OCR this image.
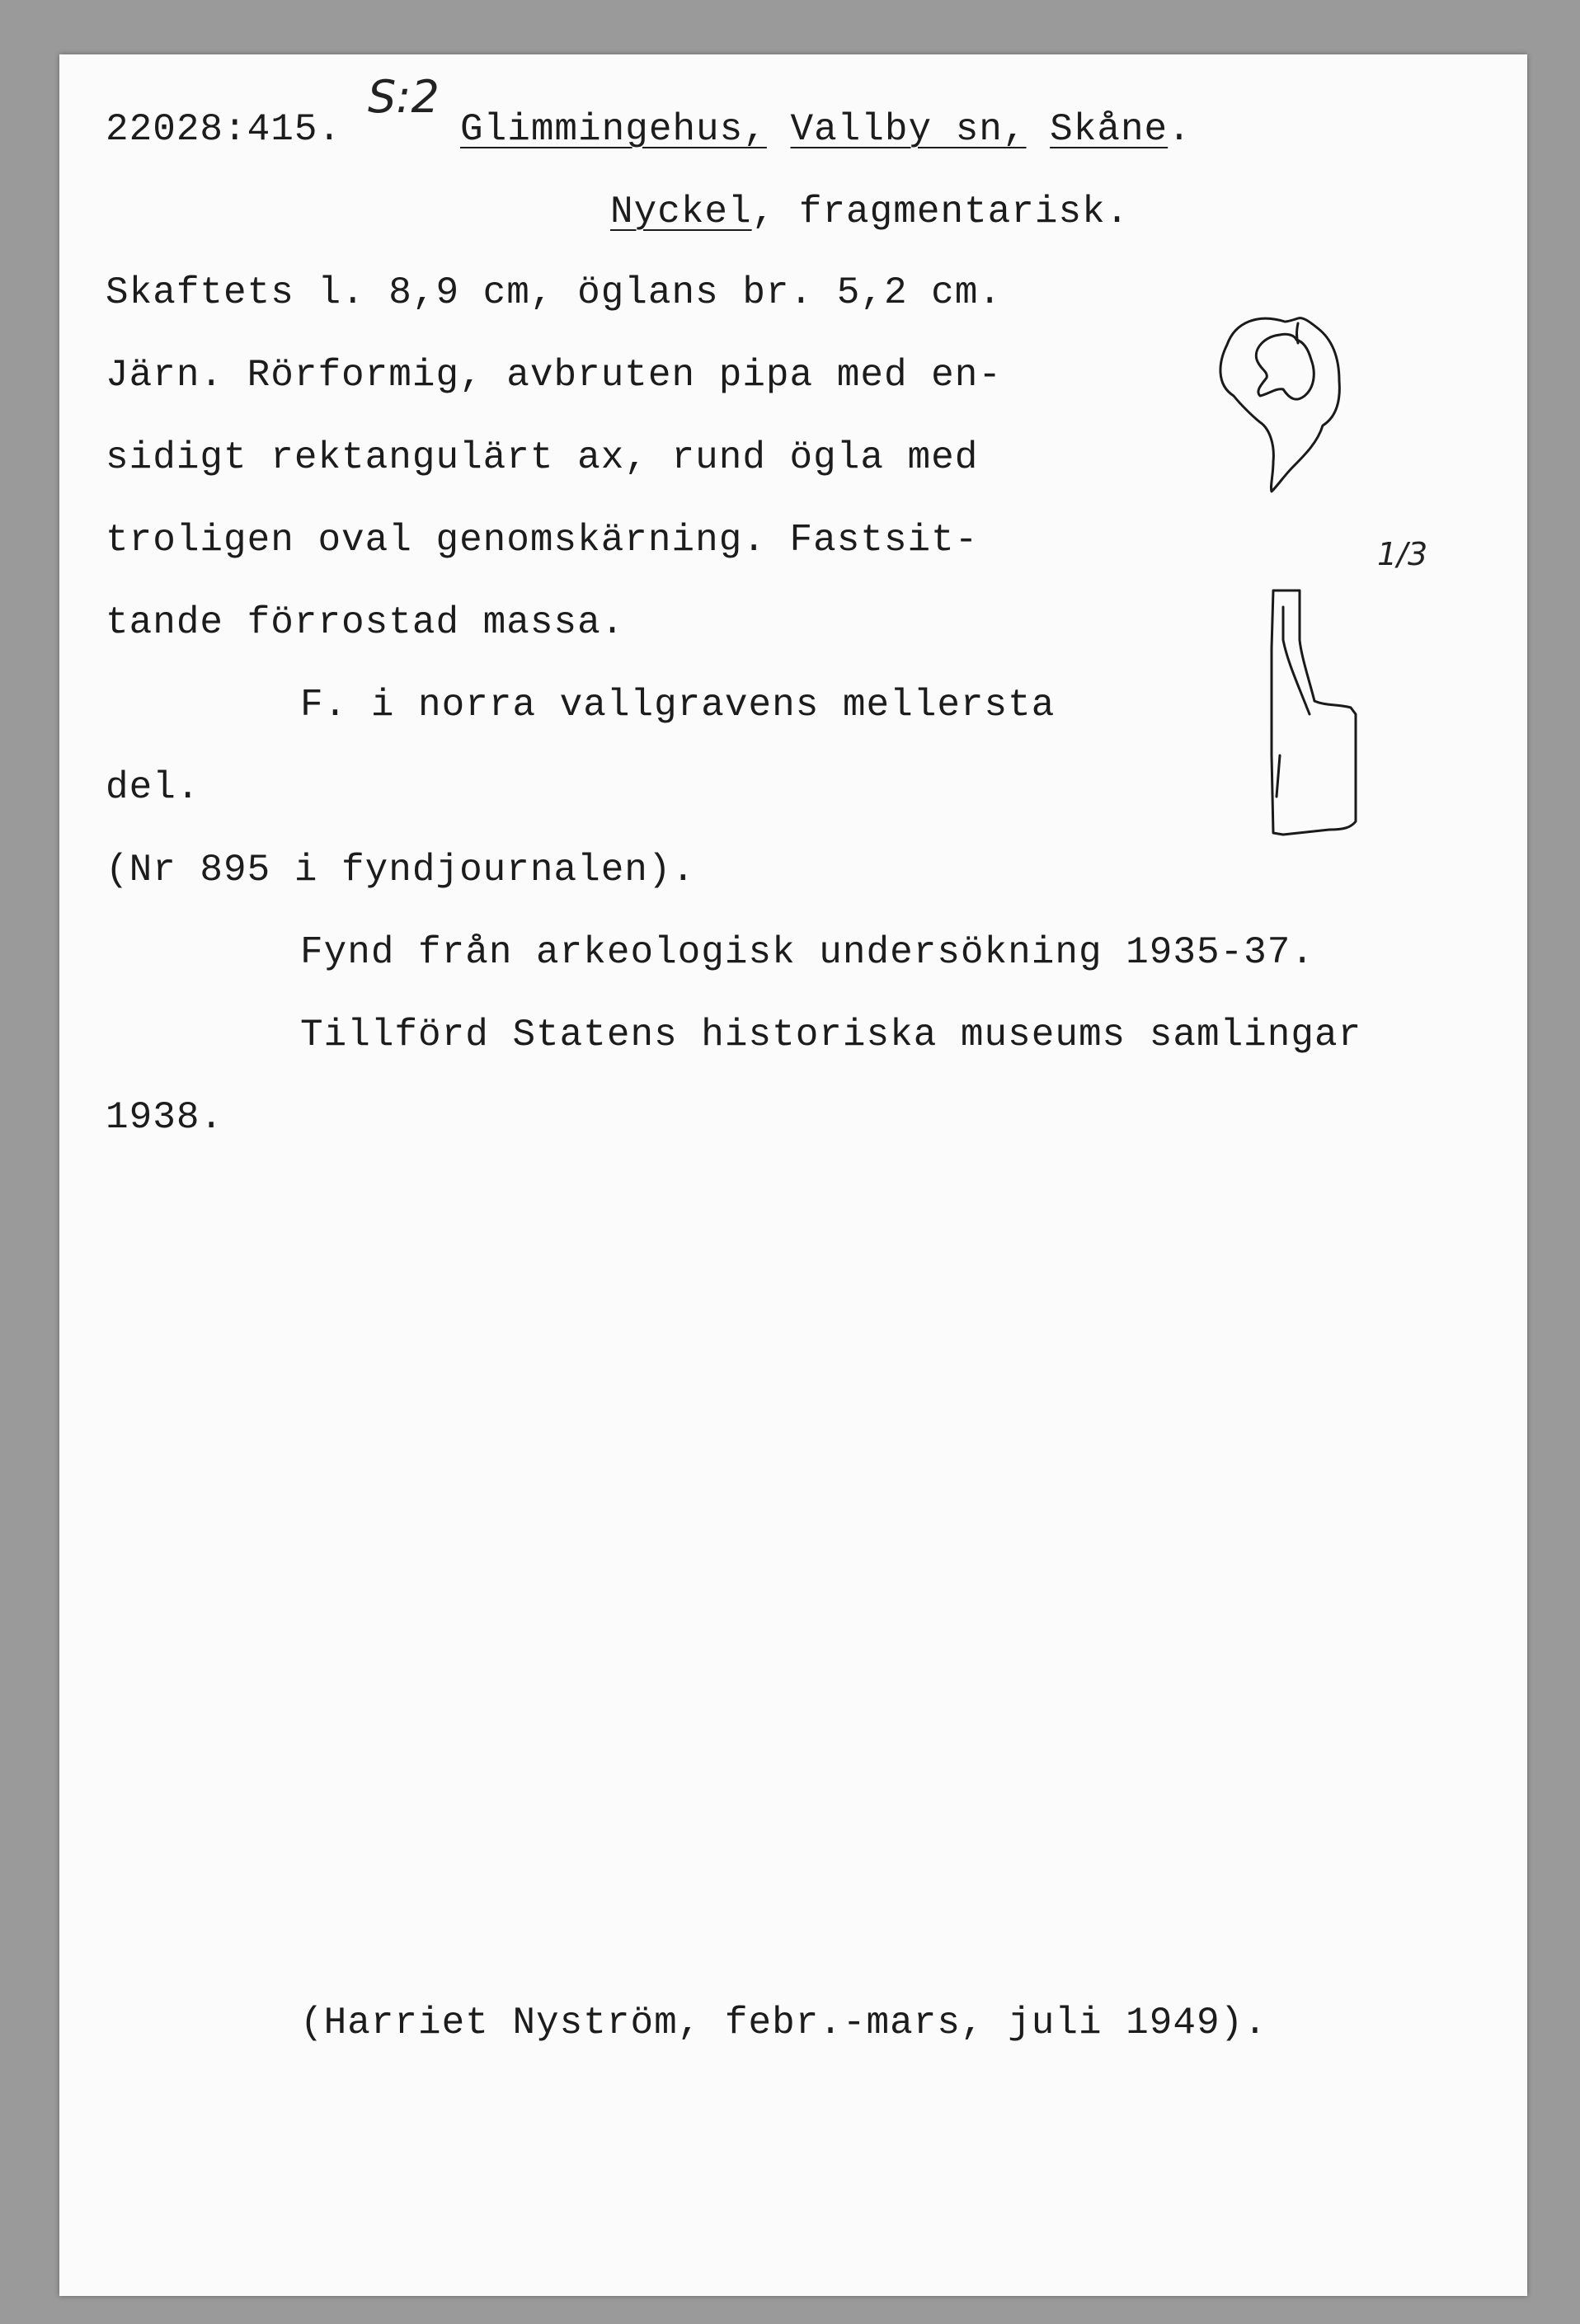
22028:415.
S:2
Glimmingehus, Vallby sn, Skåne.
Nyckel, fragmentarisk.
Skaftets l. 8,9 cm, öglans br. 5,2 cm.
Järn. Rörformig, avbruten pipa med en-
sidigt rektangulärt ax, rund ögla med
troligen oval genomskärning. Fastsit-
tande förrostad massa.
F. i norra vallgravens mellersta
del.
(Nr 895 i fyndjournalen).
Fynd från arkeologisk undersökning 1935-37.
Tillförd Statens historiska museums samlingar
1938.
(Harriet Nyström, febr.-mars, juli 1949).
1/3
